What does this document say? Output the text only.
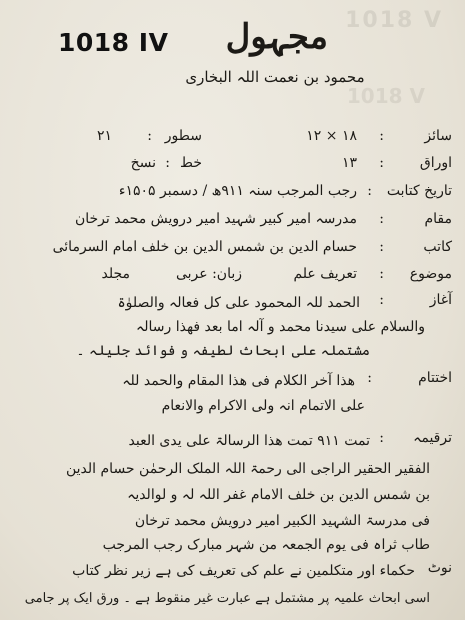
1018 V
1018 V
1018 IV مجہول
محمود بن نعمت اللہ البخاری
سائز
:
۱۸ × ۱۲
سطور
:
۲۱
اوراق
:
۱۳
خط
:
نسخ
تاریخ کتابت
:
رجب المرجب سنہ ۹۱۱ھ / دسمبر ۱۵۰۵ء
مقام
:
مدرسہ امیر کبیر شہید امیر درویش محمد ترخان
کاتب
:
حسام الدین بن شمس الدین بن خلف امام السرمائی
موضوع
:
تعریف علم
زبان: عربی
مجلد
آغاز
:
الحمد للہ المحمود علی کل فعالہ والصلوٰۃ
والسلام علی سیدنا محمد و آلہ اما بعد فھذا رسالہ
مشتملہ علی ابحاث لطیفہ و فوائد جلیلہ ۔
اختتام
:
ھذا آخر الکلام فی ھذا المقام والحمد للہ
علی الاتمام انہ ولی الاکرام والانعام
ترقیمہ
:
تمت ۹۱۱ تمت ھذا الرسالۃ علی یدی العبد
الفقیر الحقیر الراجی الی رحمۃ اللہ الملک الرحمٰن حسام الدین
بن شمس الدین بن خلف الامام غفر اللہ لہ و لوالدیہ
فی مدرسۃ الشہید الکبیر امیر درویش محمد ترخان
طاب ثراہ فی یوم الجمعہ من شہر مبارک رجب المرجب
نوٹ
حکماء اور متکلمین نے علم کی تعریف کی ہے زیر نظر کتاب
اسی ابحاث علمیہ پر مشتمل ہے عبارت غیر منقوط ہے ۔ ورق ایک پر جامی
